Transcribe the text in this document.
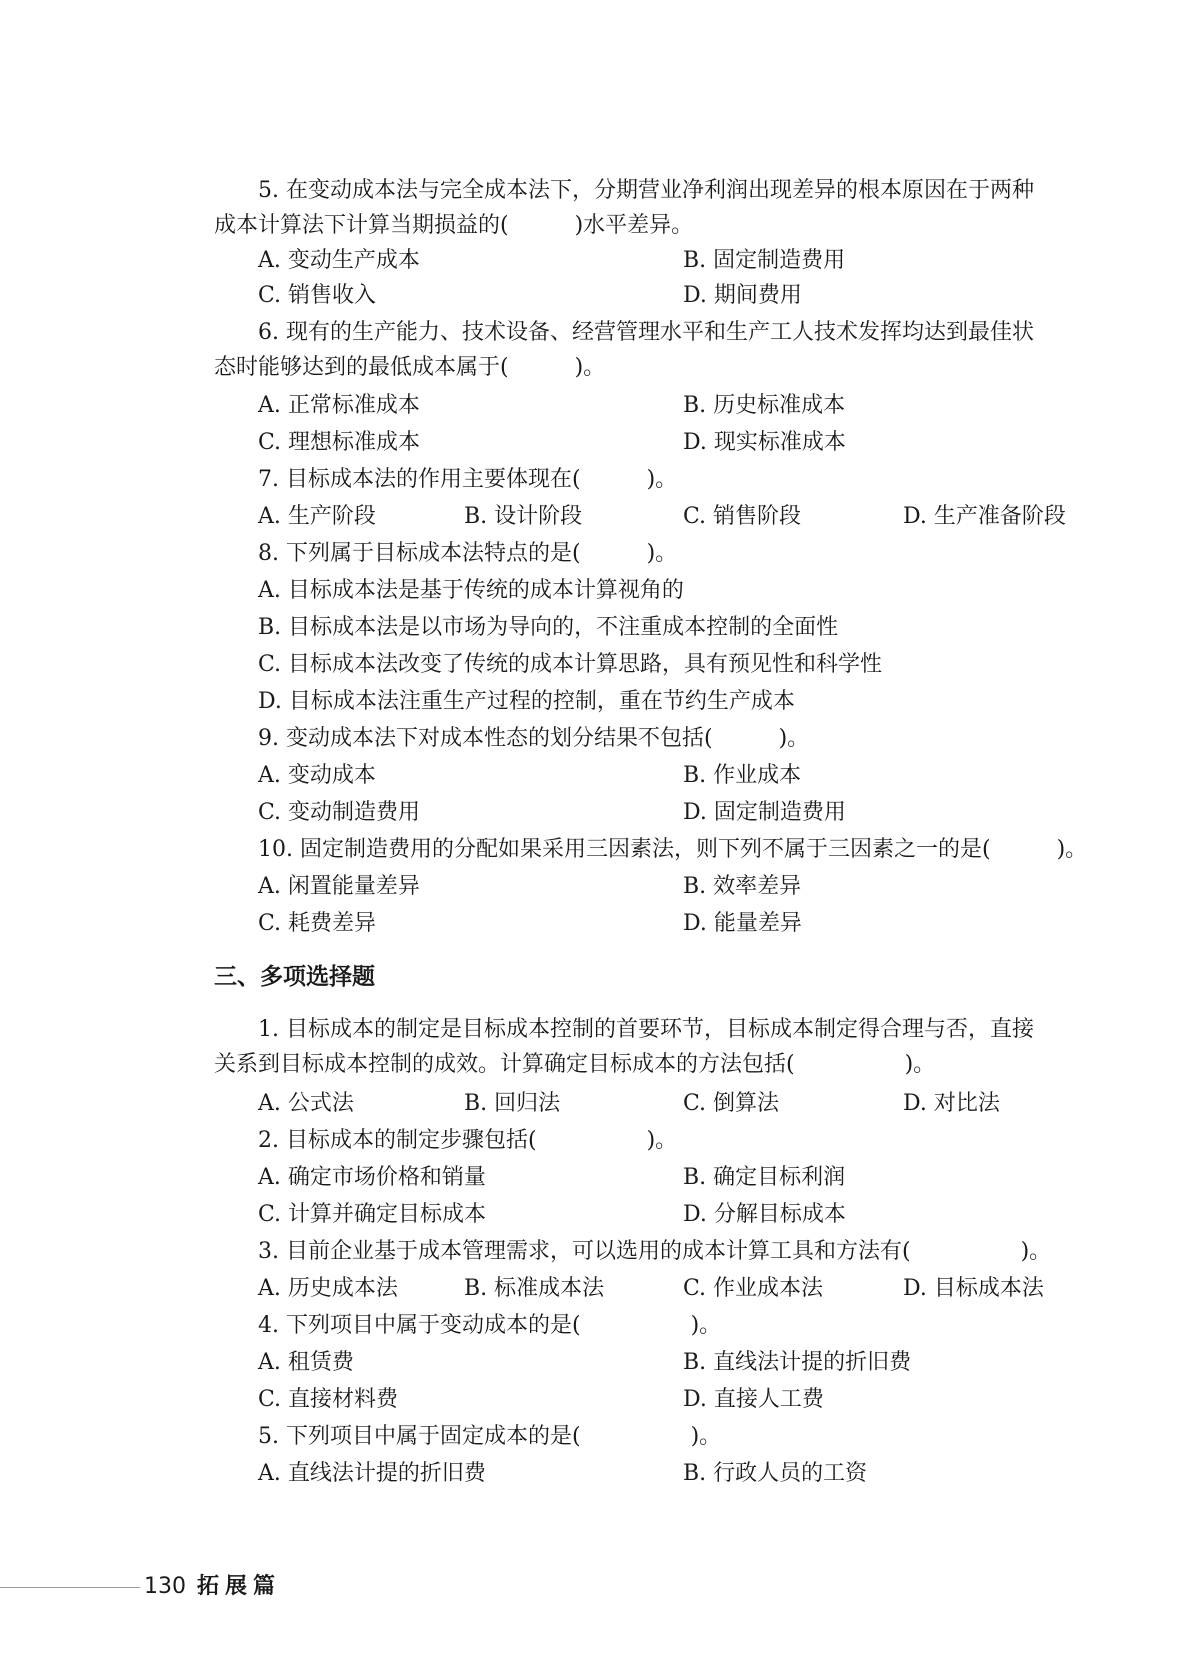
5. 在变动成本法与完全成本法下，分期营业净利润出现差异的根本原因在于两种
成本计算法下计算当期损益的(　　　)水平差异。
A. 变动生产成本	B. 固定制造费用
C. 销售收入	D. 期间费用
6. 现有的生产能力、技术设备、经营管理水平和生产工人技术发挥均达到最佳状
态时能够达到的最低成本属于(　　　)。
A. 正常标准成本	B. 历史标准成本
C. 理想标准成本	D. 现实标准成本
7. 目标成本法的作用主要体现在(　　　)。
A. 生产阶段	B. 设计阶段	C. 销售阶段	D. 生产准备阶段
8. 下列属于目标成本法特点的是(　　　)。
A. 目标成本法是基于传统的成本计算视角的
B. 目标成本法是以市场为导向的，不注重成本控制的全面性
C. 目标成本法改变了传统的成本计算思路，具有预见性和科学性
D. 目标成本法注重生产过程的控制，重在节约生产成本
9. 变动成本法下对成本性态的划分结果不包括(　　　)。
A. 变动成本	B. 作业成本
C. 变动制造费用	D. 固定制造费用
10. 固定制造费用的分配如果采用三因素法，则下列不属于三因素之一的是(　　　)。
A. 闲置能量差异	B. 效率差异
C. 耗费差异	D. 能量差异
三、多项选择题
1. 目标成本的制定是目标成本控制的首要环节，目标成本制定得合理与否，直接
关系到目标成本控制的成效。计算确定目标成本的方法包括(　　　　　)。
A. 公式法	B. 回归法	C. 倒算法	D. 对比法
2. 目标成本的制定步骤包括(　　　　　)。
A. 确定市场价格和销量	B. 确定目标利润
C. 计算并确定目标成本	D. 分解目标成本
3. 目前企业基于成本管理需求，可以选用的成本计算工具和方法有(　　　　　)。
A. 历史成本法	B. 标准成本法	C. 作业成本法	D. 目标成本法
4. 下列项目中属于变动成本的是(　　　　　)。
A. 租赁费	B. 直线法计提的折旧费
C. 直接材料费	D. 直接人工费
5. 下列项目中属于固定成本的是(　　　　　)。
A. 直线法计提的折旧费	B. 行政人员的工资
130 拓展篇
